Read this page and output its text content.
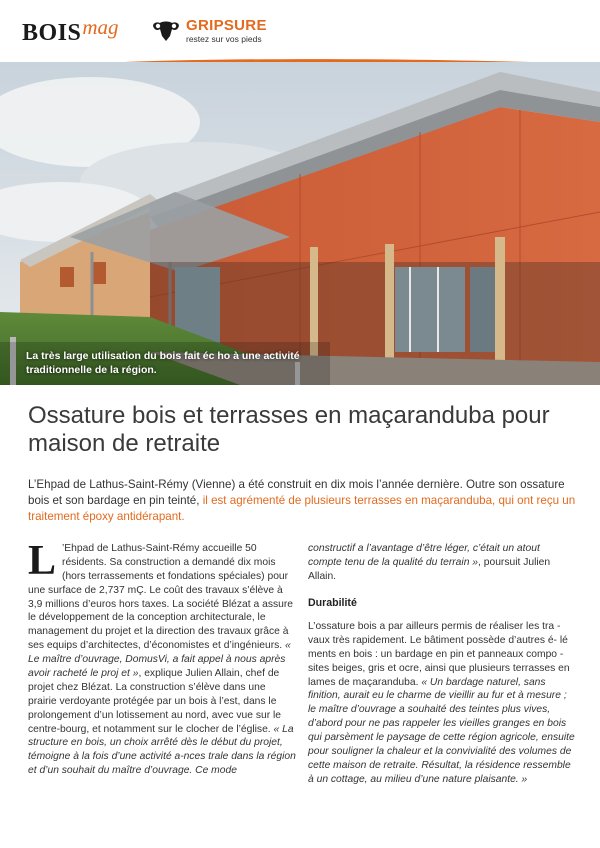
BOIS mag	GRIPSURE
restez sur vos pieds
La très large utilisation du bois fait éc ho à une activité traditionnelle de la région.
Ossature bois et terrasses en maçaranduba pour maison de retraite
L’Ehpad de Lathus-Saint-Rémy (Vienne) a été construit en dix mois l’année dernière. Outre son ossature bois et son bardage en pin teinté, il est agrémenté de plusieurs terrasses en maçaranduba, qui ont reçu un traitement époxy antidérapant.

L ’Ehpad de Lathus-Saint-Rémy accueille 50 résidents. Sa construction a demandé dix mois (hors terrassements et fondations spéciales) pour une surface de 2,737 mÇ. Le coût des travaux s’élève à 3,9 millions d’euros hors taxes. La société Blézat a assure le développement de la conception architecturale, le management du projet et la direction des travaux grâce à ses equips d’architectes, d’économistes et d’ingénieurs. « Le maître d’ouvrage, DomusVi, a fait appel à nous après avoir racheté le proj et », explique Julien Allain, chef de projet chez Blézat. La construction s’élève dans une prairie verdoyante protégée par un bois à l’est, dans le prolongement d’un lotissement au nord, avec vue sur le centre-bourg, et notamment sur le clocher de l’église. « La structure en bois, un choix arrêté dès le début du projet, témoigne à la fois d’une activité a-nces trale dans la région et d’un souhait du maître d’ouvrage. Ce mode

constructif a l’avantage d’être léger, c’était un atout compte tenu de la qualité du terrain », poursuit Julien Allain.

Durabilité

L’ossature bois a par ailleurs permis de réaliser les tra - vaux très rapidement. Le bâtiment possède d’autres é- lé ments en bois : un bardage en pin et panneaux compo - sites beiges, gris et ocre, ainsi que plusieurs terrasses en lames de maçaranduba. « Un bardage naturel, sans finition, aurait eu le charme de vieillir au fur et à mesure ; le maître d’ouvrage a souhaité des teintes plus vives, d’abord pour ne pas rappeler les vieilles granges en bois qui parsèment le paysage de cette région agricole, ensuite pour souligner la chaleur et la convivialité des volumes de cette maison de retraite. Résultat, la résidence ressemble à un cottage, au milieu d’une nature plaisante. »
